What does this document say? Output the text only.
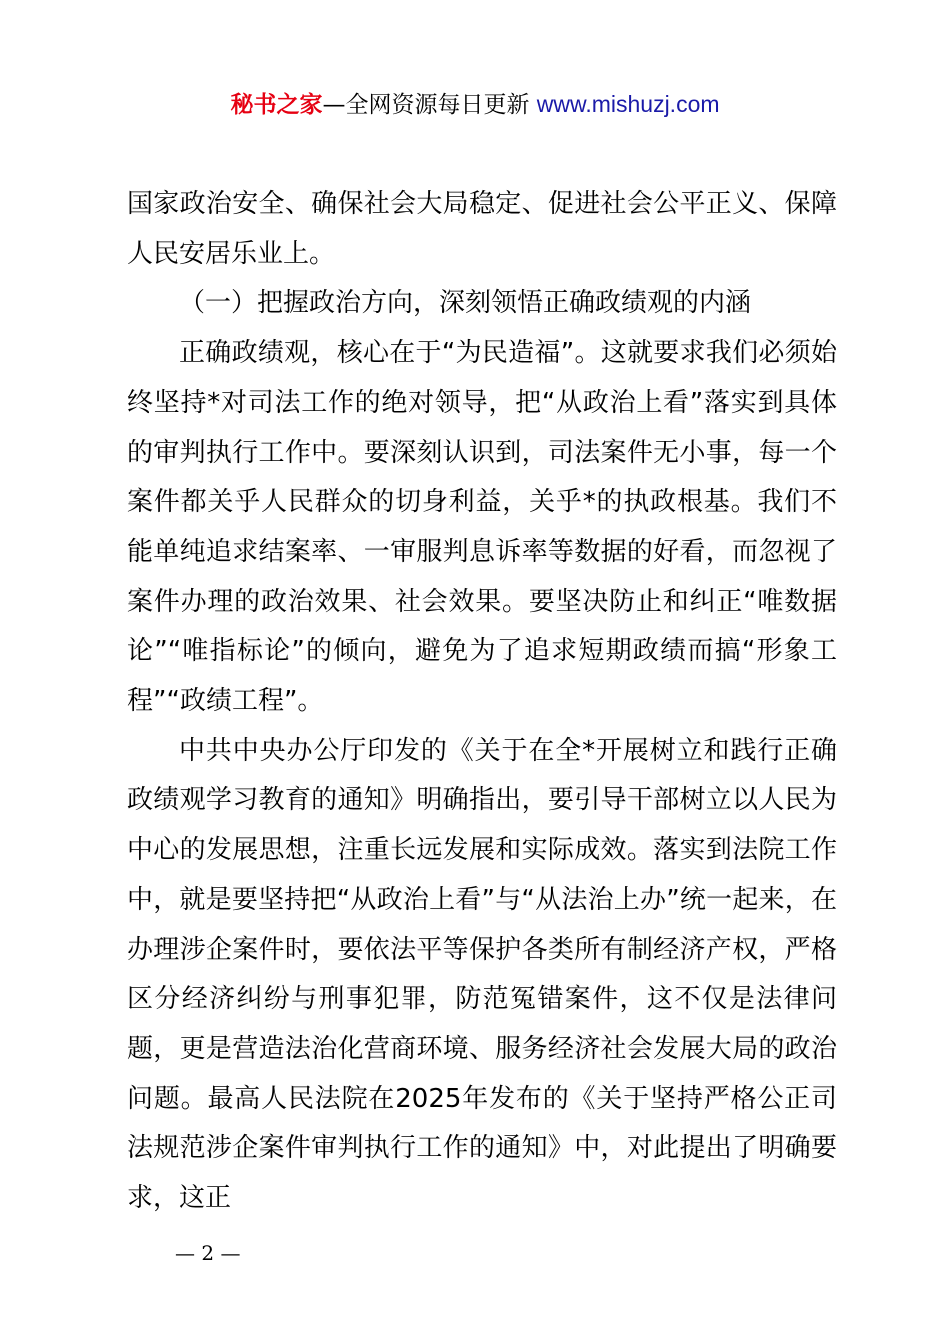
秘书之家—全网资源每日更新 www.mishuzj.com

国家政治安全、确保社会大局稳定、促进社会公平正义、保障人民安居乐业上。

（一）把握政治方向，深刻领悟正确政绩观的内涵

正确政绩观，核心在于“为民造福”。这就要求我们必须始终坚持*对司法工作的绝对领导，把“从政治上看”落实到具体的审判执行工作中。要深刻认识到，司法案件无小事，每一个案件都关乎人民群众的切身利益，关乎*的执政根基。我们不能单纯追求结案率、一审服判息诉率等数据的好看，而忽视了案件办理的政治效果、社会效果。要坚决防止和纠正“唯数据论”“唯指标论”的倾向，避免为了追求短期政绩而搞“形象工程”“政绩工程”。

中共中央办公厅印发的《关于在全*开展树立和践行正确政绩观学习教育的通知》明确指出，要引导干部树立以人民为中心的发展思想，注重长远发展和实际成效。落实到法院工作中，就是要坚持把“从政治上看”与“从法治上办”统一起来，在办理涉企案件时，要依法平等保护各类所有制经济产权，严格区分经济纠纷与刑事犯罪，防范冤错案件，这不仅是法律问题，更是营造法治化营商环境、服务经济社会发展大局的政治问题。最高人民法院在2025年发布的《关于坚持严格公正司法规范涉企案件审判执行工作的通知》中，对此提出了明确要求，这正

— 2 —
